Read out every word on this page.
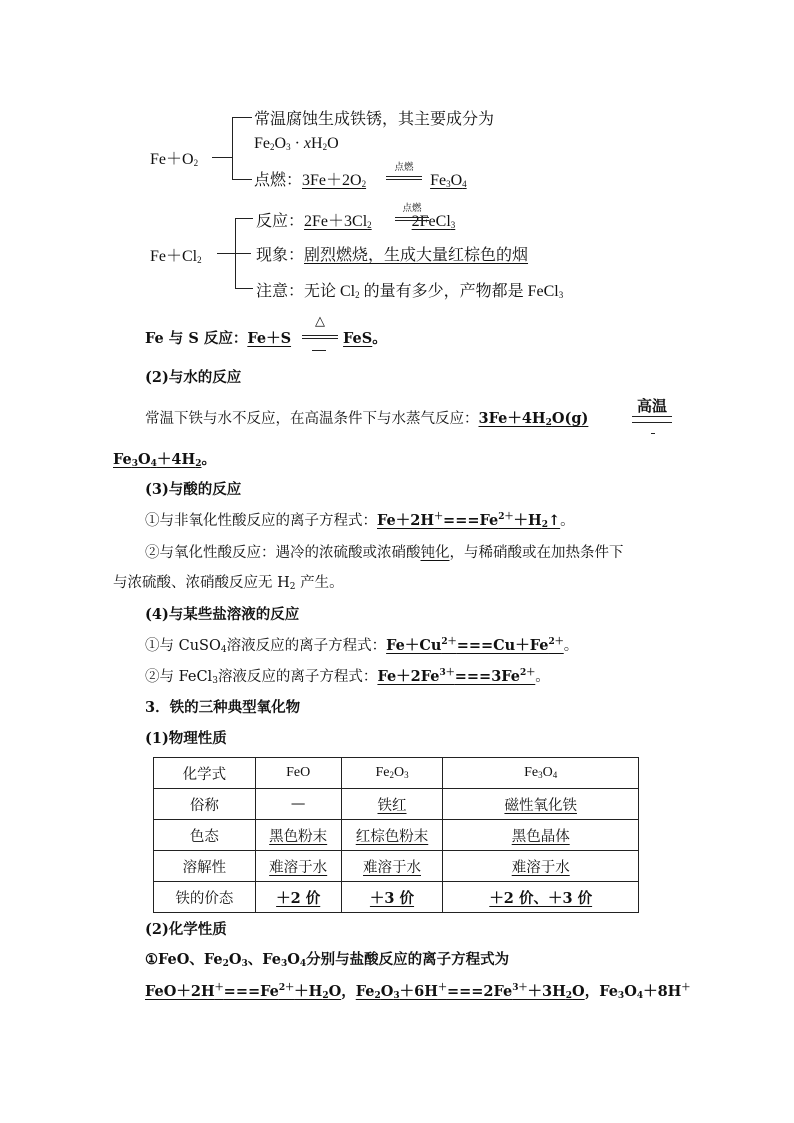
$Fe+O_2$
常温腐蚀生成铁锈，其主要成分为
$Fe_2O_3 \cdot xH_2O$
点燃：$3Fe+2O_2$	$Fe_3O_4$
点燃
$Fe+Cl_2$
反应：$2Fe+3Cl_2$	2FeCl$_3$
点燃
现象：剧烈燃烧，生成大量红棕色的烟
注意：无论 $Cl_2$ 的量有多少，产物都是 FeCl$_3$
Fe 与 S 反应：Fe＋S	FeS。
△
(2)与水的反应
常温下铁与水不反应，在高温条件下与水蒸气反应：$3Fe+4H_2O(g)$
高温
$Fe_3O_4+4H_2$。
(3)与酸的反应
①与非氧化性酸反应的离子方程式：$Fe+2H^+===Fe^{2+}+H_2↑$。
②与氧化性酸反应：遇冷的浓硫酸或浓硝酸钝化，与稀硝酸或在加热条件下
与浓硫酸、浓硝酸反应无 $H_2$ 产生。
(4)与某些盐溶液的反应
①与 CuSO$_4$溶液反应的离子方程式：$Fe+Cu^{2+}===Cu+Fe^{2+}$。
②与 FeCl$_3$溶液反应的离子方程式：$Fe+2Fe^{3+}===3Fe^{2+}$。
3．铁的三种典型氧化物
(1)物理性质
化学式	FeO	$Fe_2O_3$	$Fe_3O_4$
俗称	—	铁红	磁性氧化铁
色态	黑色粉末	红棕色粉末	黑色晶体
溶解性	难溶于水	难溶于水	难溶于水
铁的价态	＋2 价	＋3 价	＋2 价、＋3 价
(2)化学性质
①FeO、$Fe_2O_3$、$Fe_3O_4$分别与盐酸反应的离子方程式为
$FeO+2H^+===Fe^{2+}+H_2O$，$Fe_2O_3+6H^+===2Fe^{3+}+3H_2O$，$Fe_3O_4+8H^+$
